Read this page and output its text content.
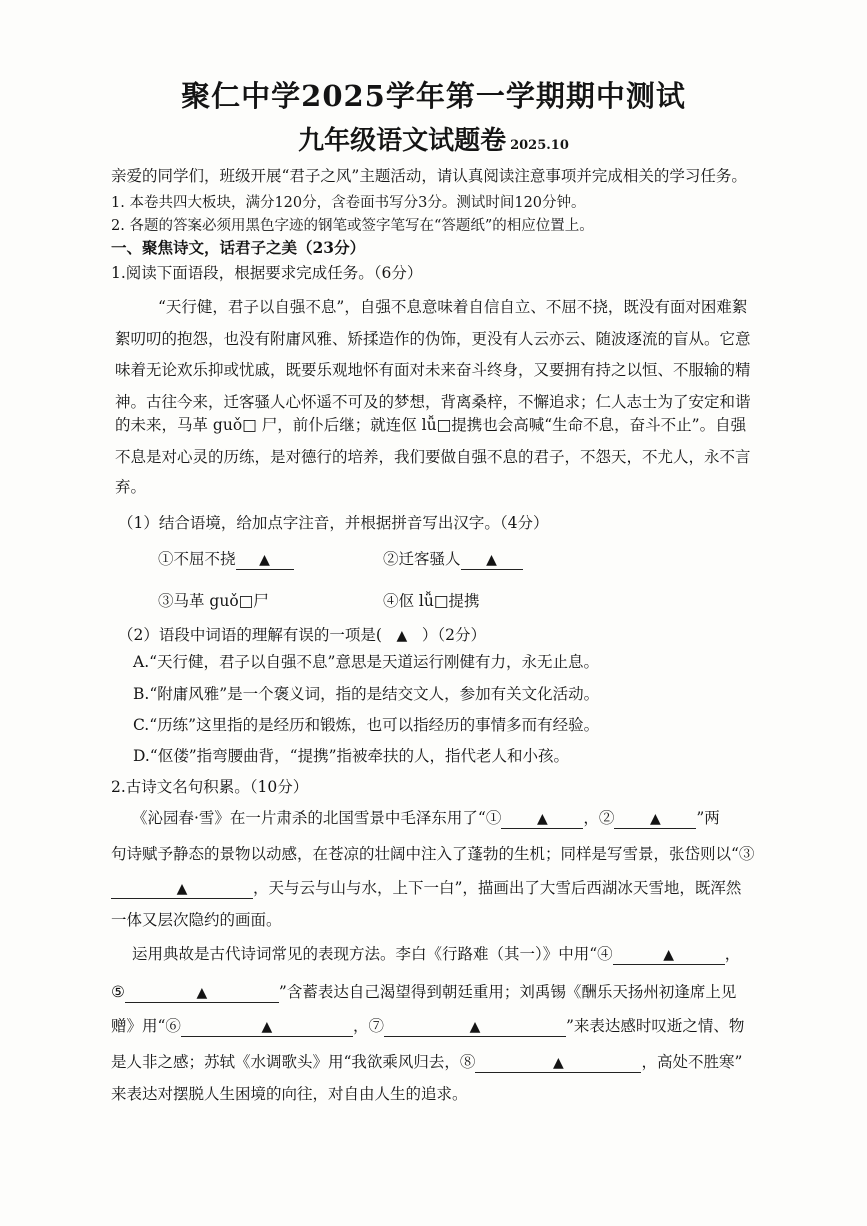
聚仁中学2025学年第一学期期中测试
九年级语文试题卷 2025.10
亲爱的同学们，班级开展“君子之风”主题活动，请认真阅读注意事项并完成相关的学习任务。
1. 本卷共四大板块，满分120分，含卷面书写分3分。测试时间120分钟。
2. 各题的答案必须用黑色字迹的钢笔或签字笔写在“答题纸”的相应位置上。
一、聚焦诗文，话君子之美（23分）
1.阅读下面语段，根据要求完成任务。（6分）
“天行健，君子以自强不息”，自强不息意味着自信自立、不屈不挠，既没有面对困难絮
絮叨叨的抱怨，也没有附庸风雅、矫揉造作的伪饰，更没有人云亦云、随波逐流的盲从。它意
味着无论欢乐抑或忧戚，既要乐观地怀有面对未来奋斗终身，又要拥有持之以恒、不服输的精
神。古往今来，迁客骚人心怀遥不可及的梦想，背离桑梓，不懈追求；仁人志士为了安定和谐
的未来，马革 guǒ□ 尸，前仆后继；就连伛 lǚ□提携也会高喊“生命不息，奋斗不止”。自强
不息是对心灵的历练，是对德行的培养，我们要做自强不息的君子，不怨天，不尤人，永不言
弃。
（1）结合语境，给加点字注音，并根据拼音写出汉字。（4分）
①不屈不挠 ▲	②迁客骚人 ▲
③马革 guǒ□尸	④伛 lǚ□提携
（2）语段中词语的理解有误的一项是( ▲ ）（2分）
A.“天行健，君子以自强不息”意思是天道运行刚健有力，永无止息。
B.“附庸风雅”是一个褒义词，指的是结交文人，参加有关文化活动。
C.“历练”这里指的是经历和锻炼，也可以指经历的事情多而有经验。
D.“伛偻”指弯腰曲背，“提携”指被牵扶的人，指代老人和小孩。
2.古诗文名句积累。（10分）
《沁园春·雪》在一片肃杀的北国雪景中毛泽东用了“①	▲ ，②	▲ ”两
句诗赋予静态的景物以动感，在苍凉的壮阔中注入了蓬勃的生机；同样是写雪景，张岱则以“③
▲	，天与云与山与水，上下一白”，描画出了大雪后西湖冰天雪地，既浑然
一体又层次隐约的画面。
运用典故是古代诗词常见的表现方法。李白《行路难（其一）》中用“④	▲	，
⑤	▲	”含蓄表达自己渴望得到朝廷重用；刘禹锡《酬乐天扬州初逢席上见
赠》用“⑥	▲	，⑦	▲	”来表达感时叹逝之情、物
是人非之感；苏轼《水调歌头》用“我欲乘风归去，⑧	▲	，高处不胜寒”
来表达对摆脱人生困境的向往，对自由人生的追求。
